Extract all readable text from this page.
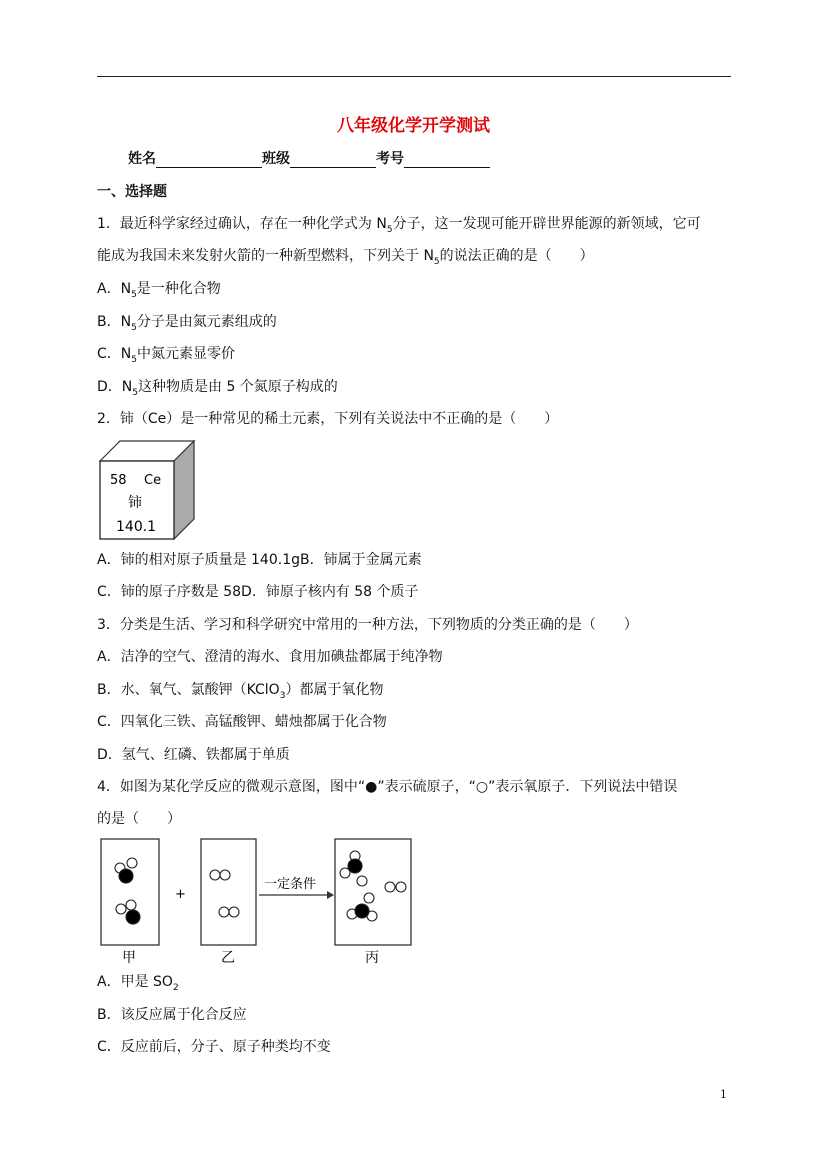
八年级化学开学测试
姓名	班级	考号
一、选择题
1．最近科学家经过确认，存在一种化学式为 $N_5$分子，这一发现可能开辟世界能源的新领域，它可
能成为我国未来发射火箭的一种新型燃料，下列关于 $N_5$的说法正确的是（　　）
A．$N_5$是一种化合物
B．$N_5$分子是由氮元素组成的
C．$N_5$中氮元素显零价
D．$N_5$这种物质是由 5 个氮原子构成的
2．铈（Ce）是一种常见的稀土元素，下列有关说法中不正确的是（　　）
58 Ce
铈
140.1
A．铈的相对原子质量是 140.1gB．铈属于金属元素
C．铈的原子序数是 58D．铈原子核内有 58 个质子
3．分类是生活、学习和科学研究中常用的一种方法，下列物质的分类正确的是（　　）
A．洁净的空气、澄清的海水、食用加碘盐都属于纯净物
B．水、氧气、氯酸钾（KClO$_3$）都属于氧化物
C．四氧化三铁、高锰酸钾、蜡烛都属于化合物
D．氢气、红磷、铁都属于单质
4．如图为某化学反应的微观示意图，图中“●”表示硫原子，“○”表示氧原子．下列说法中错误
的是（　　）
甲
+
乙
一定条件
丙
A．甲是 $SO_2$
B．该反应属于化合反应
C．反应前后，分子、原子种类均不变
1
